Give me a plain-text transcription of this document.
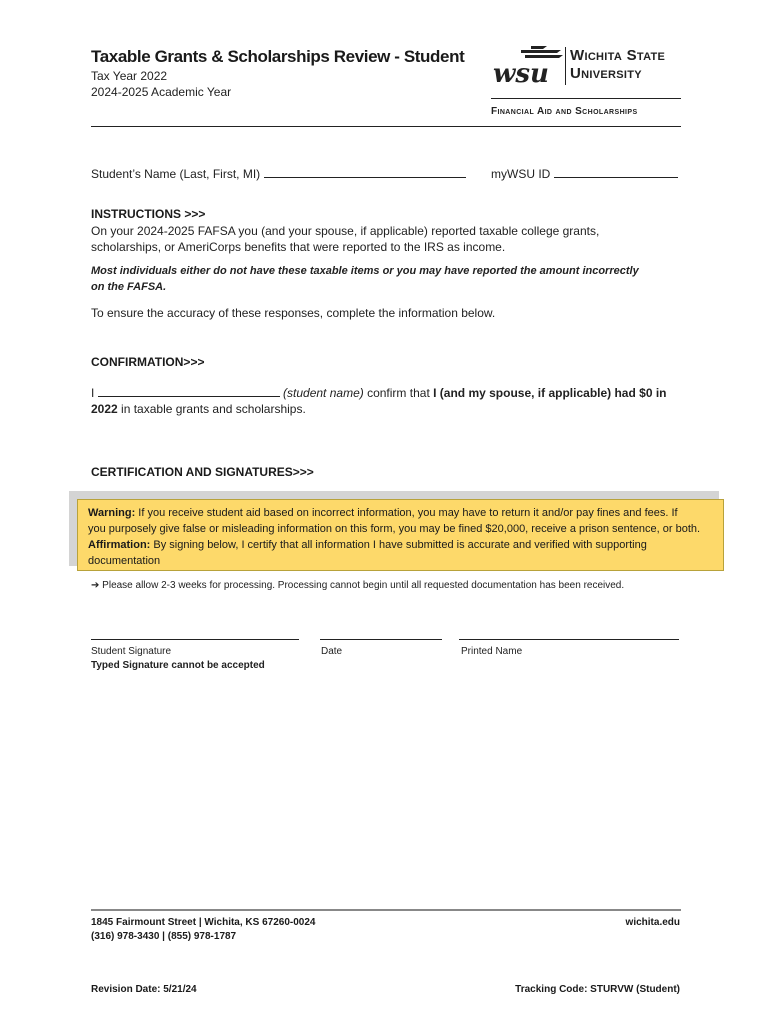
Taxable Grants & Scholarships Review - Student
Tax Year 2022
2024-2025 Academic Year
wsu
Wichita State
University
Financial Aid and Scholarships
Student’s Name (Last, First, MI)	myWSU ID
INSTRUCTIONS >>>
On your 2024-2025 FAFSA you (and your spouse, if applicable) reported taxable college grants,
scholarships, or AmeriCorps benefits that were reported to the IRS as income.
Most individuals either do not have these taxable items or you may have reported the amount incorrectly
on the FAFSA.
To ensure the accuracy of these responses, complete the information below.
CONFIRMATION>>>
I	(student name) confirm that I (and my spouse, if applicable) had $0 in
2022 in taxable grants and scholarships.
CERTIFICATION AND SIGNATURES>>>
Warning: If you receive student aid based on incorrect information, you may have to return it and/or pay fines and fees. If
you purposely give false or misleading information on this form, you may be fined $20,000, receive a prison sentence, or both.
Affirmation: By signing below, I certify that all information I have submitted is accurate and verified with supporting
documentation
➔ Please allow 2-3 weeks for processing. Processing cannot begin until all requested documentation has been received.
Student Signature
Typed Signature cannot be accepted
Date	Printed Name
1845 Fairmount Street | Wichita, KS 67260-0024
(316) 978-3430 | (855) 978-1787
wichita.edu
Revision Date: 5/21/24	Tracking Code: STURVW (Student)
